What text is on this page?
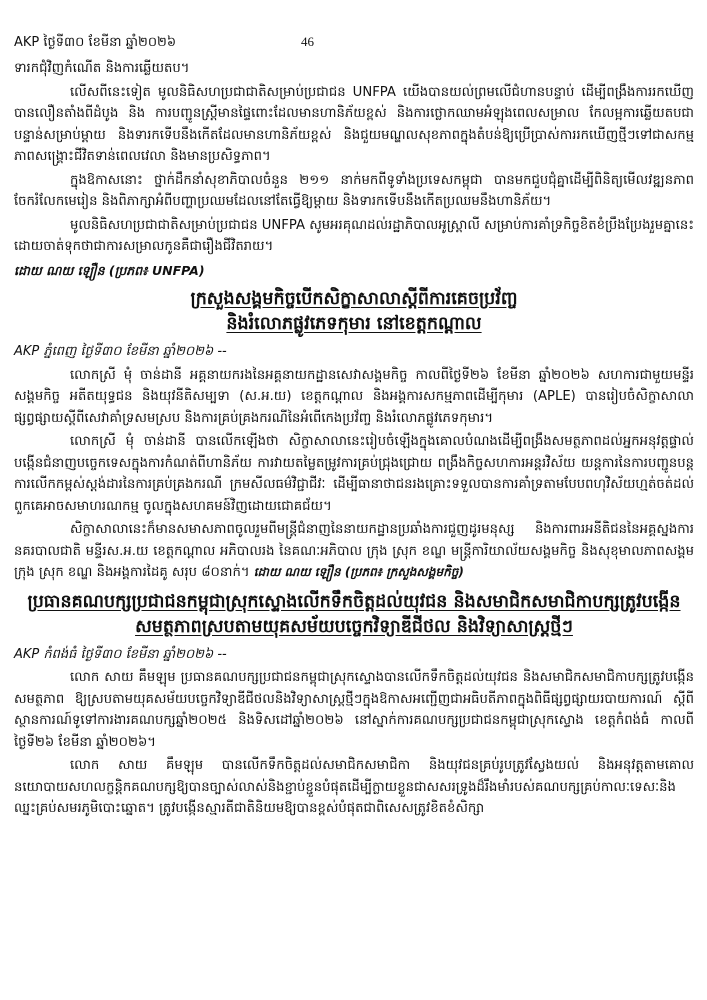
AKP ថ្ងៃទី៣០ ខែមីនា ឆ្នាំ២០២៦	46

ទារកជុំវិញកំណើត និងការឆ្លើយតប។

លើសពីនេះទៀត មូលនិធិសហប្រជាជាតិសម្រាប់ប្រជាជន UNFPA យើងបានយល់ព្រមលើជំហានបន្ទាប់ ដើម្បីពង្រឹងការរកឃើញបានលឿនតាំងពីដំបូង និង ការបញ្ជូនស្ត្រីមានផ្ទៃពោះដែលមានហានិភ័យខ្ពស់ និងការថ្លោកឈាមអំឡុងពេលសម្រាល កែលម្អការឆ្លើយតបជាបន្ទាន់សម្រាប់ម្តាយ និងទារកទើបនឹងកើតដែលមានហានិភ័យខ្ពស់ និងជួយមណ្ឌលសុខភាពក្នុងតំបន់ឱ្យប្រើប្រាស់ការរកឃើញថ្មីៗទៅជាសកម្មភាពសង្គ្រោះជីវិតទាន់ពេលវេលា និងមានប្រសិទ្ធភាព។

ក្នុងឱកាសនោះ ថ្នាក់ដឹកនាំសុខាភិបាលចំនួន ២១១ នាក់មកពីទូទាំងប្រទេសកម្ពុជា បានមកជួបជុំគ្នាដើម្បីពិនិត្យមើលវឌ្ឍនភាព ចែករំលែកមេរៀន និងពិភាក្សាអំពីបញ្ហាប្រឈមដែលនៅតែធ្វើឱ្យម្តាយ និងទារកទើបនឹងកើតប្រឈមនឹងហានិភ័យ។

មូលនិធិសហប្រជាជាតិសម្រាប់ប្រជាជន UNFPA សូមអរគុណដល់រដ្ឋាភិបាលអូស្ត្រាលី សម្រាប់ការគាំទ្រកិច្ចខិតខំប្រឹងប្រែងរួមគ្នានេះ ដោយចាត់ទុកថាជាការសម្រាលកូនគឺជារឿងជីវិតរាយ។

ដោយ ណយ ឡឿន (ប្រភព៖ UNFPA)

ក្រសួងសង្គមកិច្ចបើកសិក្ខាសាលាស្តីពីការគេចប្រវ័ញ្ច
និងរំលោភផ្លូវភេទកុមារ នៅខេត្តកណ្តាល

AKP ភ្នំពេញ ថ្ងៃទី៣០ ខែមីនា ឆ្នាំ២០២៦ --

លោកស្រី មុំ ចាន់ដានី អគ្គនាយករងនៃអគ្គនាយកដ្ឋានសេវាសង្គមកិច្ច កាលពីថ្ងៃទី២៦ ខែមីនា ឆ្នាំ២០២៦ សហការជាមួយមន្ទីរសង្គមកិច្ច អតីតយុទ្ធជន និងយុវនីតិសម្បទា (ស.អ.យ) ខេត្តកណ្តាល និងអង្គការសកម្មភាពដើម្បីកុមារ (APLE) បានរៀបចំសិក្ខាសាលាផ្សព្វផ្សាយស្តីពីសេវាគាំទ្រសមស្រប និងការគ្រប់គ្រងករណីនៃអំពើកេងប្រវ័ញ្ច និងរំលោភផ្លូវភេទកុមារ។

លោកស្រី មុំ ចាន់ដានី បានលើកឡើងថា សិក្ខាសាលានេះរៀបចំឡើងក្នុងគោលបំណងដើម្បីពង្រឹងសមត្ថភាពដល់អ្នកអនុវត្តផ្ទាល់ បង្កើនជំនាញបច្ចេកទេសក្នុងការកំណត់ពីហានិភ័យ ការវាយតម្លៃតម្រូវការគ្រប់ជ្រុងជ្រោយ ពង្រឹងកិច្ចសហការអន្តរវិស័យ យន្តការនៃការបញ្ជូនបន្ត ការលើកកម្ពស់ស្តង់ដារនៃការគ្រប់គ្រងករណី ក្រមសីលធម៌វិជ្ជាជីវៈ ដើម្បីធានាថាជនរងគ្រោះទទួលបានការគាំទ្រតាមបែបពហុវិស័យហ្មត់ចត់ដល់ពួកគេអាចសមាហរណកម្ម ចូលក្នុងសហគមន៍វិញដោយជោគជ័យ។

សិក្ខាសាលានេះក៏មានសមាសភាពចូលរួមពីមន្ត្រីជំនាញនៃនាយកដ្ឋានប្រឆាំងការជួញដូរមនុស្ស និងការពារអនីតិជននៃអគ្គស្នងការនគរបាលជាតិ មន្ទីរស.អ.យ ខេត្តកណ្តាល អភិបាលរង នៃគណៈអភិបាល ក្រុង ស្រុក ខណ្ឌ មន្ត្រីការិយាល័យសង្គមកិច្ច និងសុខុមាលភាពសង្គម ក្រុង ស្រុក ខណ្ឌ និងអង្គការដៃគូ សរុប ៨០នាក់។ ដោយ ណយ ឡឿន (ប្រភព៖ ក្រសួងសង្គមកិច្ច)

ប្រធានគណបក្សប្រជាជនកម្ពុជាស្រុកស្ទោងលើកទឹកចិត្តដល់យុវជន និងសមាជិកសមាជិកាបក្សត្រូវបង្កើន
សមត្ថភាពស្របតាមយុគសម័យបច្ចេកវិទ្យាឌីជីថល និងវិទ្យាសាស្ត្រថ្មីៗ

AKP កំពង់ធំ ថ្ងៃទី៣០ ខែមីនា ឆ្នាំ២០២៦ --

លោក សាយ គឹមឡុម ប្រធានគណបក្សប្រជាជនកម្ពុជាស្រុកស្ទោងបានលើកទឹកចិត្តដល់យុវជន និងសមាជិកសមាជិកាបក្សត្រូវបង្កើនសមត្ថភាព ឱ្យស្របតាមយុគសម័យបច្ចេកវិទ្យាឌីជីថលនិងវិទ្យាសាស្ត្រថ្មីៗក្នុងឱកាសអញ្ជើញជាអធិបតីភាពក្នុងពិធីផ្សព្វផ្សាយរបាយការណ៍ ស្តីពីស្ថានការណ៍ទូទៅការងារគណបក្សឆ្នាំ២០២៥ និងទិសដៅឆ្នាំ២០២៦ នៅស្នាក់ការគណបក្សប្រជាជនកម្ពុជាស្រុកស្ទោង ខេត្តកំពង់ធំ កាលពីថ្ងៃទី២៦ ខែមីនា ឆ្នាំ២០២៦។

លោក សាយ គឹមឡុម បានលើកទឹកចិត្តដល់សមាជិកសមាជិកា និងយុវជនគ្រប់រូបត្រូវស្វែងយល់ និងអនុវត្តតាមគោលនយោបាយសហលក្ខន្តិកគណបក្សឱ្យបានច្បាស់លាស់និងខ្ជាប់ខ្ជួនបំផុតដើម្បីក្លាយខ្លួនជាសសរទ្រូងដ៏រឹងមាំរបស់គណបក្សគ្រប់កាលៈទេសៈនិងឈ្នះគ្រប់សមរភូមិបោះឆ្នោត។ ត្រូវបង្កើនស្មារតីជាតិនិយមឱ្យបានខ្ពស់បំផុតជាពិសេសត្រូវខិតខំសិក្សា
